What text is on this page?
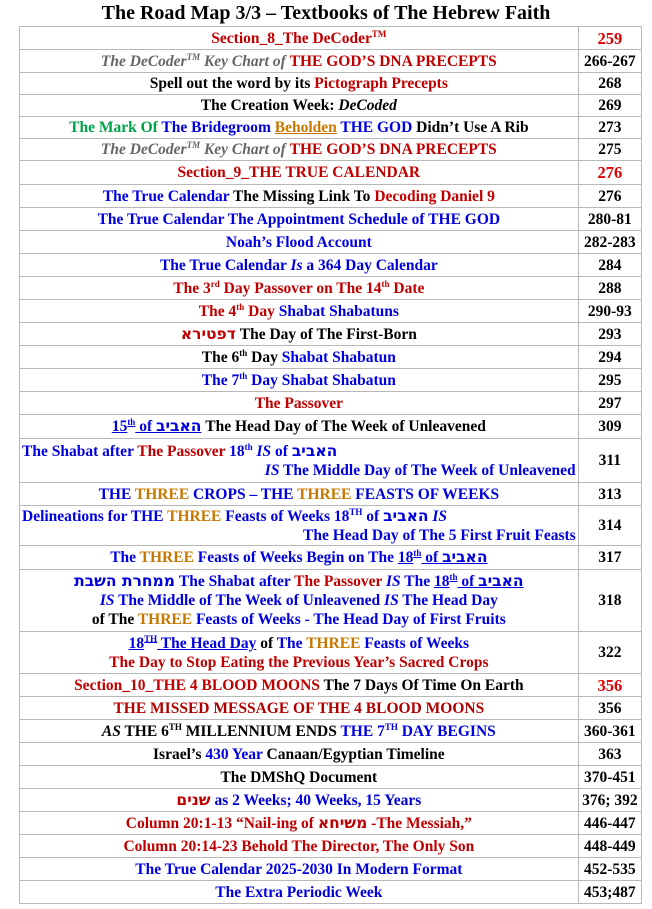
The Road Map 3/3 – Textbooks of The Hebrew Faith
Section_8_The DeCoder™	259
The DeCoder™ Key Chart of THE GOD’S DNA PRECEPTS	266-267
Spell out the word by its Pictograph Precepts	268
The Creation Week: DeCoded	269
The Mark Of The Bridegroom Beholden THE GOD Didn’t Use A Rib	273
The DeCoder™ Key Chart of THE GOD’S DNA PRECEPTS	275
Section_9_THE TRUE CALENDAR	276
The True Calendar The Missing Link To Decoding Daniel 9	276
The True Calendar The Appointment Schedule of THE GOD	280-81
Noah’s Flood Account	282-283
The True Calendar Is a 364 Day Calendar	284
The 3rd Day Passover on The 14th Date	288
The 4th Day Shabat Shabatuns	290-93
דפטירא The Day of The First-Born	293
The 6th Day Shabat Shabatun	294
The 7th Day Shabat Shabatun	295
The Passover	297
15th of האביב The Head Day of The Week of Unleavened	309

The Shabat after The Passover 18th IS of האביב
IS The Middle Day of The Week of Unleavened	311
THE THREE CROPS – THE THREE FEASTS OF WEEKS	313

Delineations for THE THREE Feasts of Weeks 18TH of האביב IS
The Head Day of The 5 First Fruit Feasts	314
The THREE Feasts of Weeks Begin on The 18th of האביב	317

ממחרת השבת The Shabat after The Passover IS The 18th of האביב
IS The Middle of The Week of Unleavened IS The Head Day
of The THREE Feasts of Weeks - The Head Day of First Fruits	318

18TH The Head Day of The THREE Feasts of Weeks
The Day to Stop Eating the Previous Year’s Sacred Crops	322
Section_10_THE 4 BLOOD MOONS The 7 Days Of Time On Earth	356
THE MISSED MESSAGE OF THE 4 BLOOD MOONS	356
AS THE 6TH MILLENNIUM ENDS THE 7TH DAY BEGINS	360-361
Israel’s 430 Year Canaan/Egyptian Timeline	363
The DMShQ Document	370-451
שנים as 2 Weeks; 40 Weeks, 15 Years	376; 392
Column 20:1-13 “Nail-ing of משיחא -The Messiah,”	446-447
Column 20:14-23 Behold The Director, The Only Son	448-449
The True Calendar 2025-2030 In Modern Format	452-535
The Extra Periodic Week	453;487
